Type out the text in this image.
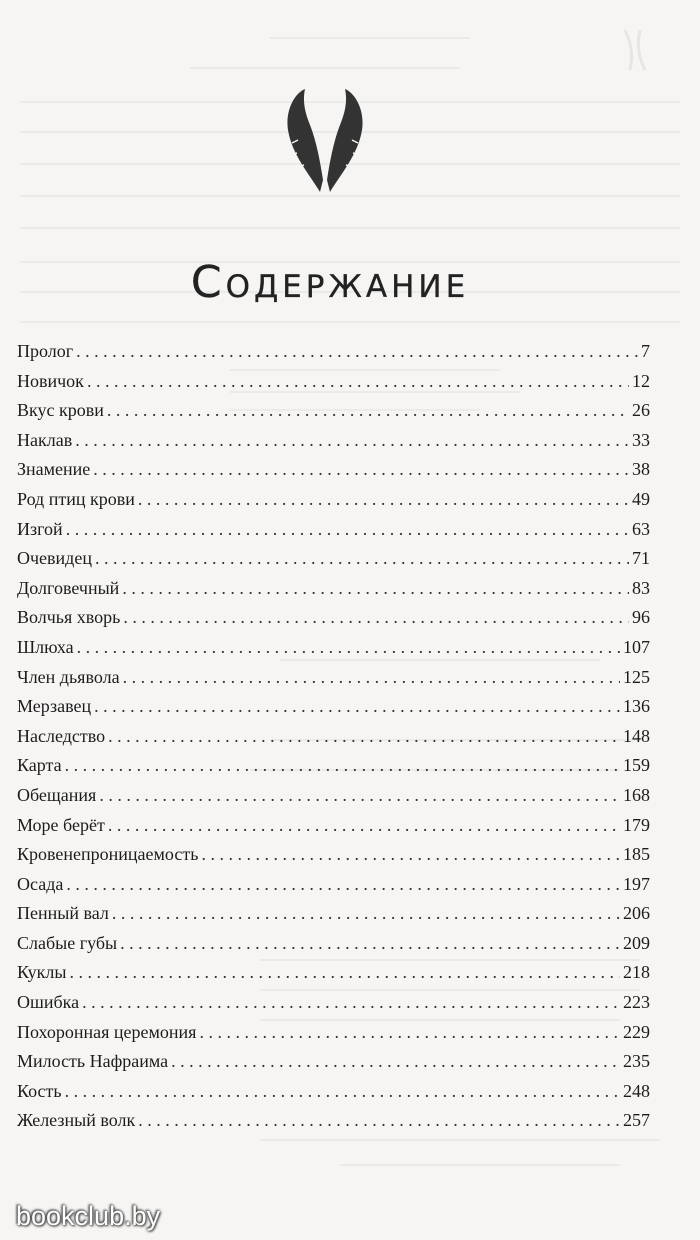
Содержание
Пролог . . .	7
Новичок . . .	12
Вкус крови . . .	26
Наклав . . .	33
Знамение . . .	38
Род птиц крови . . .	49
Изгой . . .	63
Очевидец . . .	71
Долговечный . . .	83
Волчья хворь . . .	96
Шлюха . . .	107
Член дьявола . . .	125
Мерзавец . . .	136
Наследство . . .	148
Карта . . .	159
Обещания . . .	168
Море берёт . . .	179
Кровенепроницаемость . . .	185
Осада . . .	197
Пенный вал . . .	206
Слабые губы . . .	209
Куклы . . .	218
Ошибка . . .	223
Похоронная церемония . . .	229
Милость Нафраима . . .	235
Кость . . .	248
Железный волк . . .	257
bookclub.by
